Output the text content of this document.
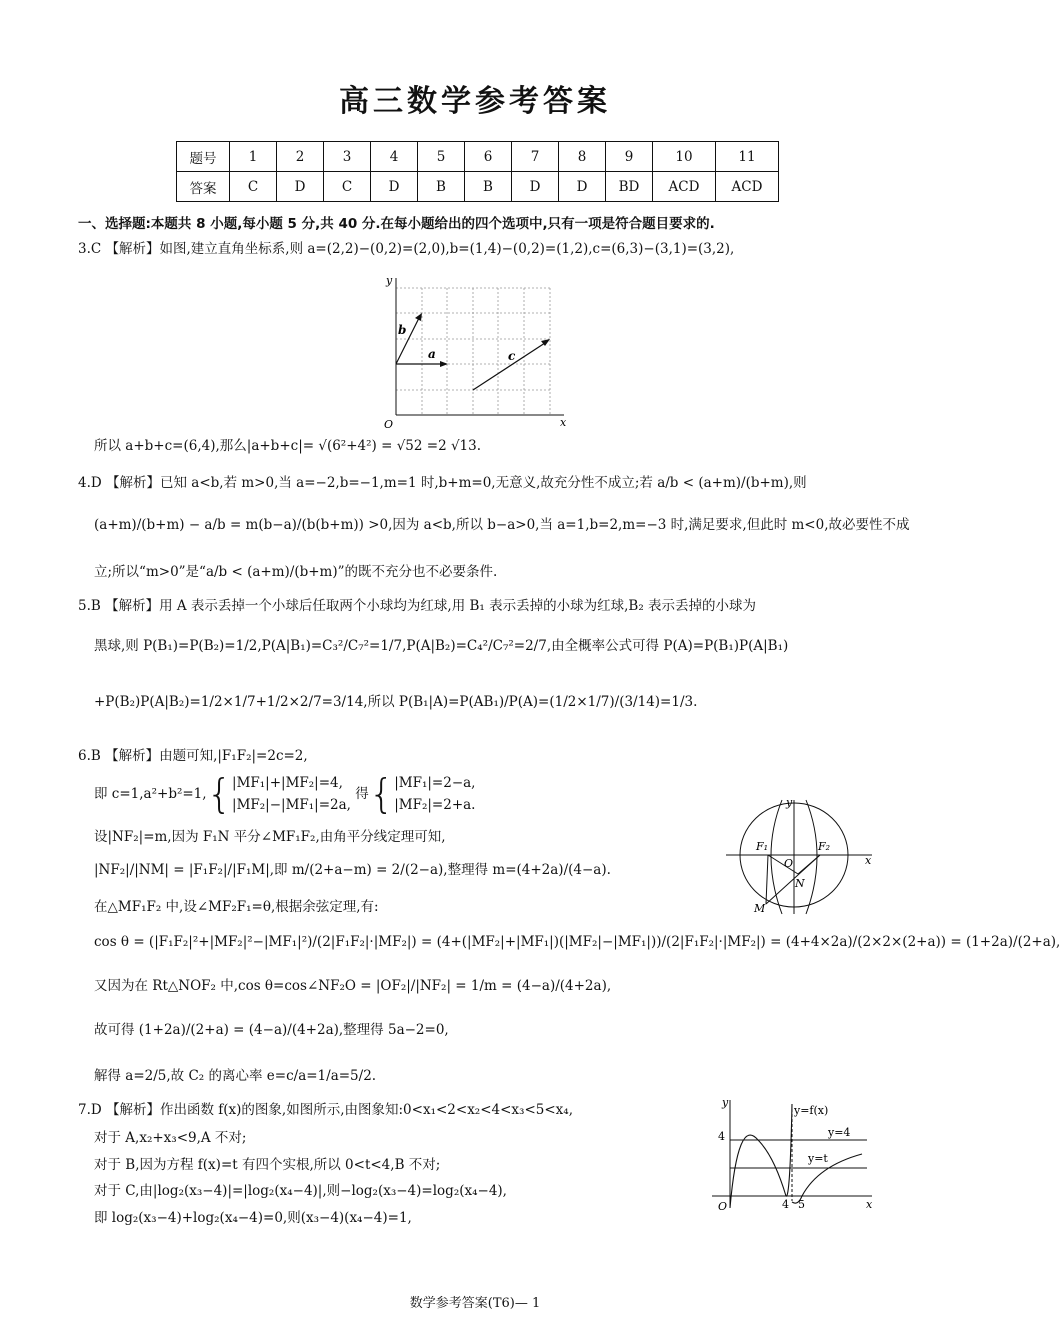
高三数学参考答案
题号	1	2	3	4	5	6	7	8	9	10	11
答案	C	D	C	D	B	B	D	D	BD	ACD	ACD
一、选择题:本题共 8 小题,每小题 5 分,共 40 分.在每小题给出的四个选项中,只有一项是符合题目要求的.
3.C 【解析】如图,建立直角坐标系,则 a=(2,2)−(0,2)=(2,0),b=(1,4)−(0,2)=(1,2),c=(6,3)−(3,1)=(3,2),
y
x
O
a
b
c
所以 a+b+c=(6,4),那么|a+b+c|= √(6²+4²) = √52 =2 √13.
4.D 【解析】已知 a<b,若 m>0,当 a=−2,b=−1,m=1 时,b+m=0,无意义,故充分性不成立;若 a/b < (a+m)/(b+m),则
(a+m)/(b+m) − a/b = m(b−a)/(b(b+m)) >0,因为 a<b,所以 b−a>0,当 a=1,b=2,m=−3 时,满足要求,但此时 m<0,故必要性不成
立;所以“m>0”是“a/b < (a+m)/(b+m)”的既不充分也不必要条件.
5.B 【解析】用 A 表示丢掉一个小球后任取两个小球均为红球,用 B₁ 表示丢掉的小球为红球,B₂ 表示丢掉的小球为
黑球,则 P(B₁)=P(B₂)=1/2,P(A|B₁)=C₃²/C₇²=1/7,P(A|B₂)=C₄²/C₇²=2/7,由全概率公式可得 P(A)=P(B₁)P(A|B₁)
+P(B₂)P(A|B₂)=1/2×1/7+1/2×2/7=3/14,所以 P(B₁|A)=P(AB₁)/P(A)=(1/2×1/7)/(3/14)=1/3.
6.B 【解析】由题可知,|F₁F₂|=2c=2,
即 c=1,a²+b²=1,{ |MF₁|+|MF₂|=4,
|MF₂|−|MF₁|=2a,
得{ |MF₁|=2−a,
|MF₂|=2+a.
设|NF₂|=m,因为 F₁N 平分∠MF₁F₂,由角平分线定理可知,
|NF₂|/|NM| = |F₁F₂|/|F₁M|,即 m/(2+a−m) = 2/(2−a),整理得 m=(4+2a)/(4−a).
在△MF₁F₂ 中,设∠MF₂F₁=θ,根据余弦定理,有:
cos θ = (|F₁F₂|²+|MF₂|²−|MF₁|²)/(2|F₁F₂|·|MF₂|) = (4+(|MF₂|+|MF₁|)(|MF₂|−|MF₁|))/(2|F₁F₂|·|MF₂|) = (4+4×2a)/(2×2×(2+a)) = (1+2a)/(2+a),
又因为在 Rt△NOF₂ 中,cos θ=cos∠NF₂O = |OF₂|/|NF₂| = 1/m = (4−a)/(4+2a),
故可得 (1+2a)/(2+a) = (4−a)/(4+2a),整理得 5a−2=0,
解得 a=2/5,故 C₂ 的离心率 e=c/a=1/a=5/2.
y
x
O
F₁	F₂
N
M
7.D 【解析】作出函数 f(x)的图象,如图所示,由图象知:0<x₁<2<x₂<4<x₃<5<x₄,
对于 A,x₂+x₃<9,A 不对;
对于 B,因为方程 f(x)=t 有四个实根,所以 0<t<4,B 不对;
对于 C,由|log₂(x₃−4)|=|log₂(x₄−4)|,则−log₂(x₃−4)=log₂(x₄−4),
即 log₂(x₃−4)+log₂(x₄−4)=0,则(x₃−4)(x₄−4)=1,
y
x
O
4
4 5
y=f(x)
y=4
y=t
数学参考答案(T6)— 1
